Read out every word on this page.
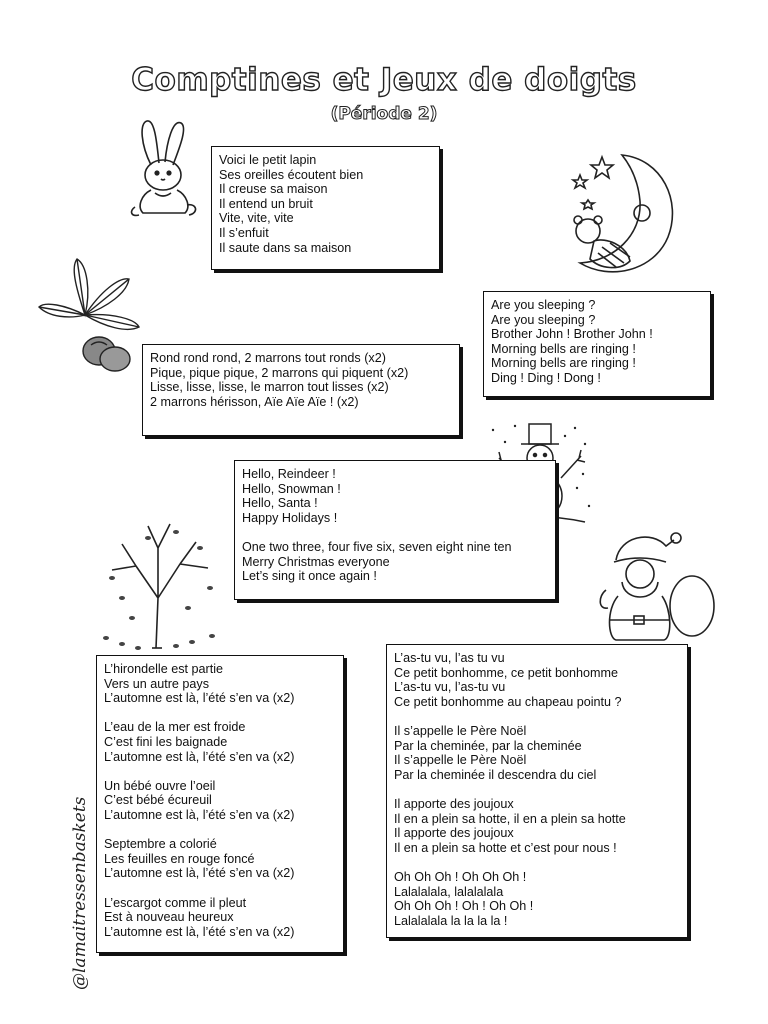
Comptines et Jeux de doigts
(Période 2)
@lamaitressenbaskets
Voici le petit lapin
Ses oreilles écoutent bien
Il creuse sa maison
Il entend un bruit
Vite, vite, vite
Il s’enfuit
Il saute dans sa maison
Are you sleeping ?
Are you sleeping ?
Brother John ! Brother John !
Morning bells are ringing !
Morning bells are ringing !
Ding ! Ding ! Dong !
Rond rond rond, 2 marrons tout ronds (x2)
Pique, pique pique, 2 marrons qui piquent (x2)
Lisse, lisse, lisse, le marron tout lisses (x2)
2 marrons hérisson, Aïe Aïe Aïe ! (x2)
Hello, Reindeer !
Hello, Snowman !
Hello, Santa !
Happy Holidays !
One two three, four five six, seven eight nine ten
Merry Christmas everyone
Let’s sing it once again !
L’hirondelle est partie
Vers un autre pays
L’automne est là, l’été s’en va (x2)
L’eau de la mer est froide
C’est fini les baignade
L’automne est là, l’été s’en va (x2)
Un bébé ouvre l’oeil
C’est bébé écureuil
L’automne est là, l’été s’en va (x2)
Septembre a colorié
Les feuilles en rouge foncé
L’automne est là, l’été s’en va (x2)
L’escargot comme il pleut
Est à nouveau heureux
L’automne est là, l’été s’en va (x2)
L’as-tu vu, l’as tu vu
Ce petit bonhomme, ce petit bonhomme
L’as-tu vu, l’as-tu vu
Ce petit bonhomme au chapeau pointu ?
Il s’appelle le Père Noël
Par la cheminée, par la cheminée
Il s’appelle le Père Noël
Par la cheminée il descendra du ciel
Il apporte des joujoux
Il en a plein sa hotte, il en a plein sa hotte
Il apporte des joujoux
Il en a plein sa hotte et c’est pour nous !
Oh Oh Oh ! Oh Oh Oh !
Lalalalala, lalalalala
Oh Oh Oh ! Oh ! Oh Oh !
Lalalalala la la la la !
